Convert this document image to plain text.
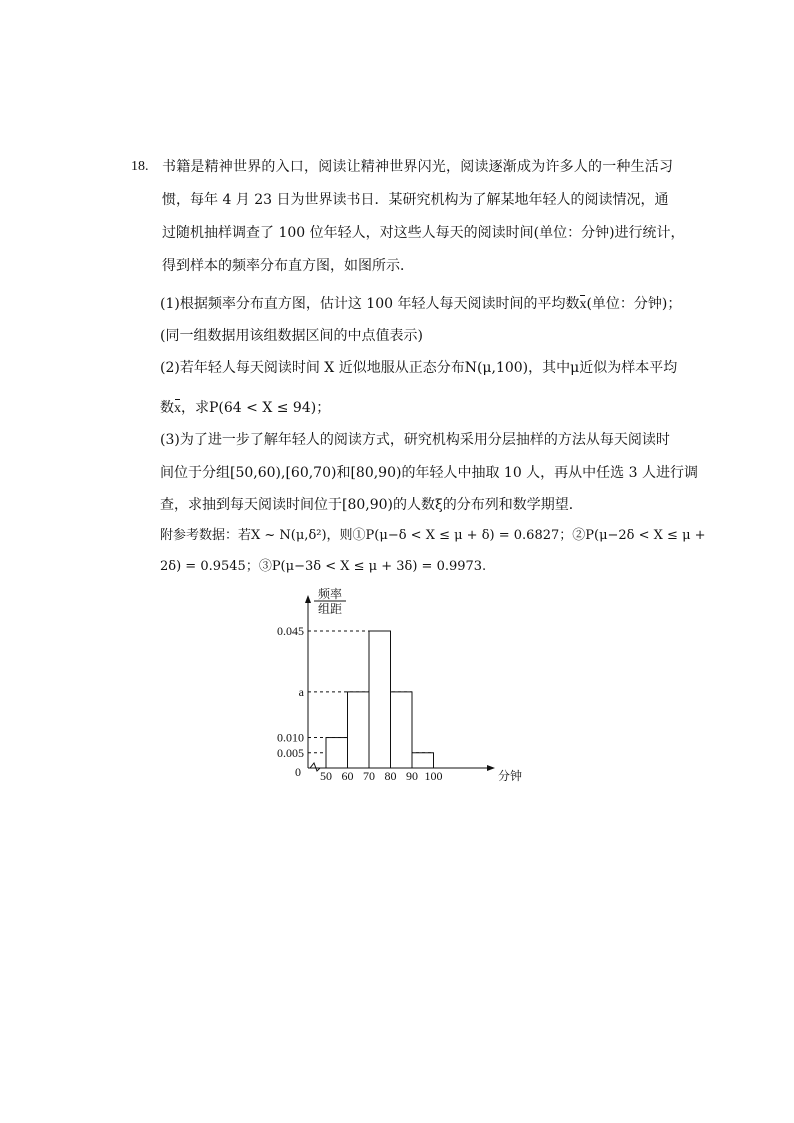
18. 书籍是精神世界的入口，阅读让精神世界闪光，阅读逐渐成为许多人的一种生活习
惯，每年 4 月 23 日为世界读书日．某研究机构为了解某地年轻人的阅读情况，通
过随机抽样调查了 100 位年轻人，对这些人每天的阅读时间(单位：分钟)进行统计，
得到样本的频率分布直方图，如图所示．
(1)根据频率分布直方图，估计这 100 年轻人每天阅读时间的平均数x(单位：分钟)；
(同一组数据用该组数据区间的中点值表示)
(2)若年轻人每天阅读时间 X 近似地服从正态分布N(μ,100)，其中μ近似为样本平均
数x，求P(64 < X ≤ 94)；
(3)为了进一步了解年轻人的阅读方式，研究机构采用分层抽样的方法从每天阅读时
间位于分组[50,60),[60,70)和[80,90)的年轻人中抽取 10 人，再从中任选 3 人进行调
查，求抽到每天阅读时间位于[80,90)的人数ξ的分布列和数学期望．
附参考数据：若X ~ N(μ,δ²)，则①P(μ−δ < X ≤ μ + δ) = 0.6827；②P(μ−2δ < X ≤ μ +
2δ) = 0.9545；③P(μ−3δ < X ≤ μ + 3δ) = 0.9973.
0.045
a
0.010
0.005
50 60 70 80 90 100
0	分钟
频率
组距
